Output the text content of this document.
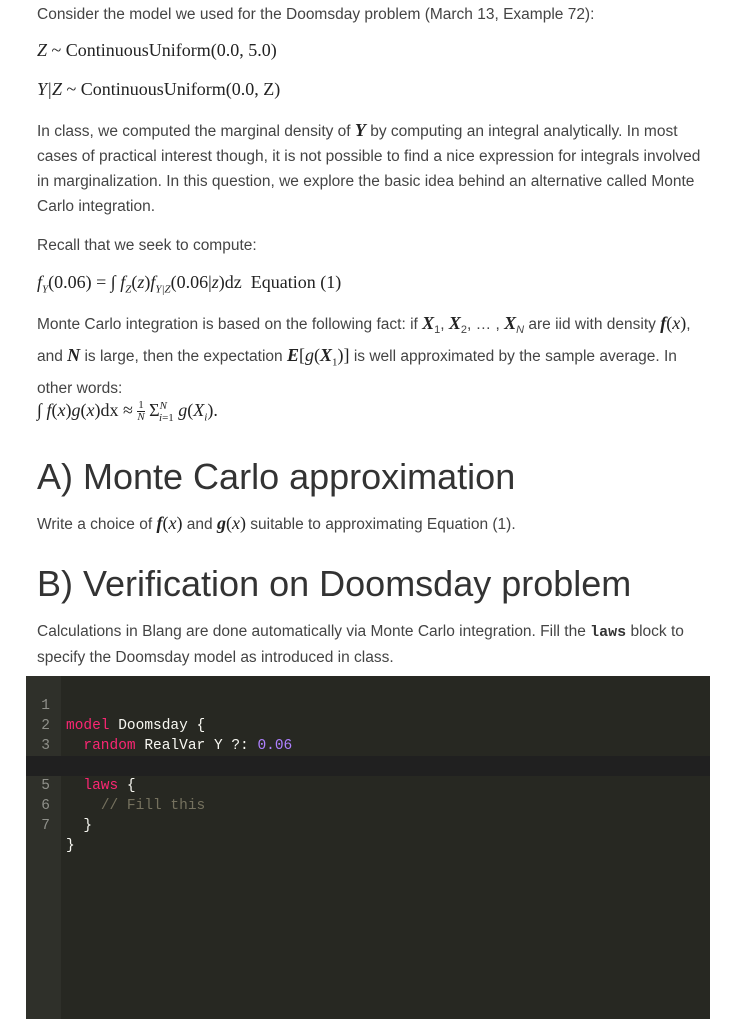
Consider the model we used for the Doomsday problem (March 13, Example 72):

Z ~ ContinuousUniform(0.0, 5.0)
Y|Z ~ ContinuousUniform(0.0, Z)

In class, we computed the marginal density of Y by computing an integral analytically. In most cases of practical interest though, it is not possible to find a nice expression for integrals involved in marginalization. In this question, we explore the basic idea behind an alternative called Monte Carlo integration.

Recall that we seek to compute:

$f_Y(0.06)$ = ∫ $f_Z(z)f_{Y|Z}(0.06|z)dz$  Equation (1)

Monte Carlo integration is based on the following fact: if $X_1$, $X_2$, … , $X_N$ are iid with density f(x), and N is large, then the expectation $E[g(X_1)]$ is well approximated by the sample average. In other words:

∫ $f(x)g(x)dx \approx \frac{1}{N} \Sigma^N_{i=1}$ $g(X_i)$.
A) Monte Carlo approximation

Write a choice of f(x) and g(x) suitable to approximating Equation (1).

B) Verification on Doomsday problem

Calculations in Blang are done automatically via Monte Carlo integration. Fill the laws block to specify the Doomsday model as introduced in class.

1

model Doomsday {

2

random RealVar Y ?: 0.06

3

laws {

5

// Fill this

6

}

7

}
